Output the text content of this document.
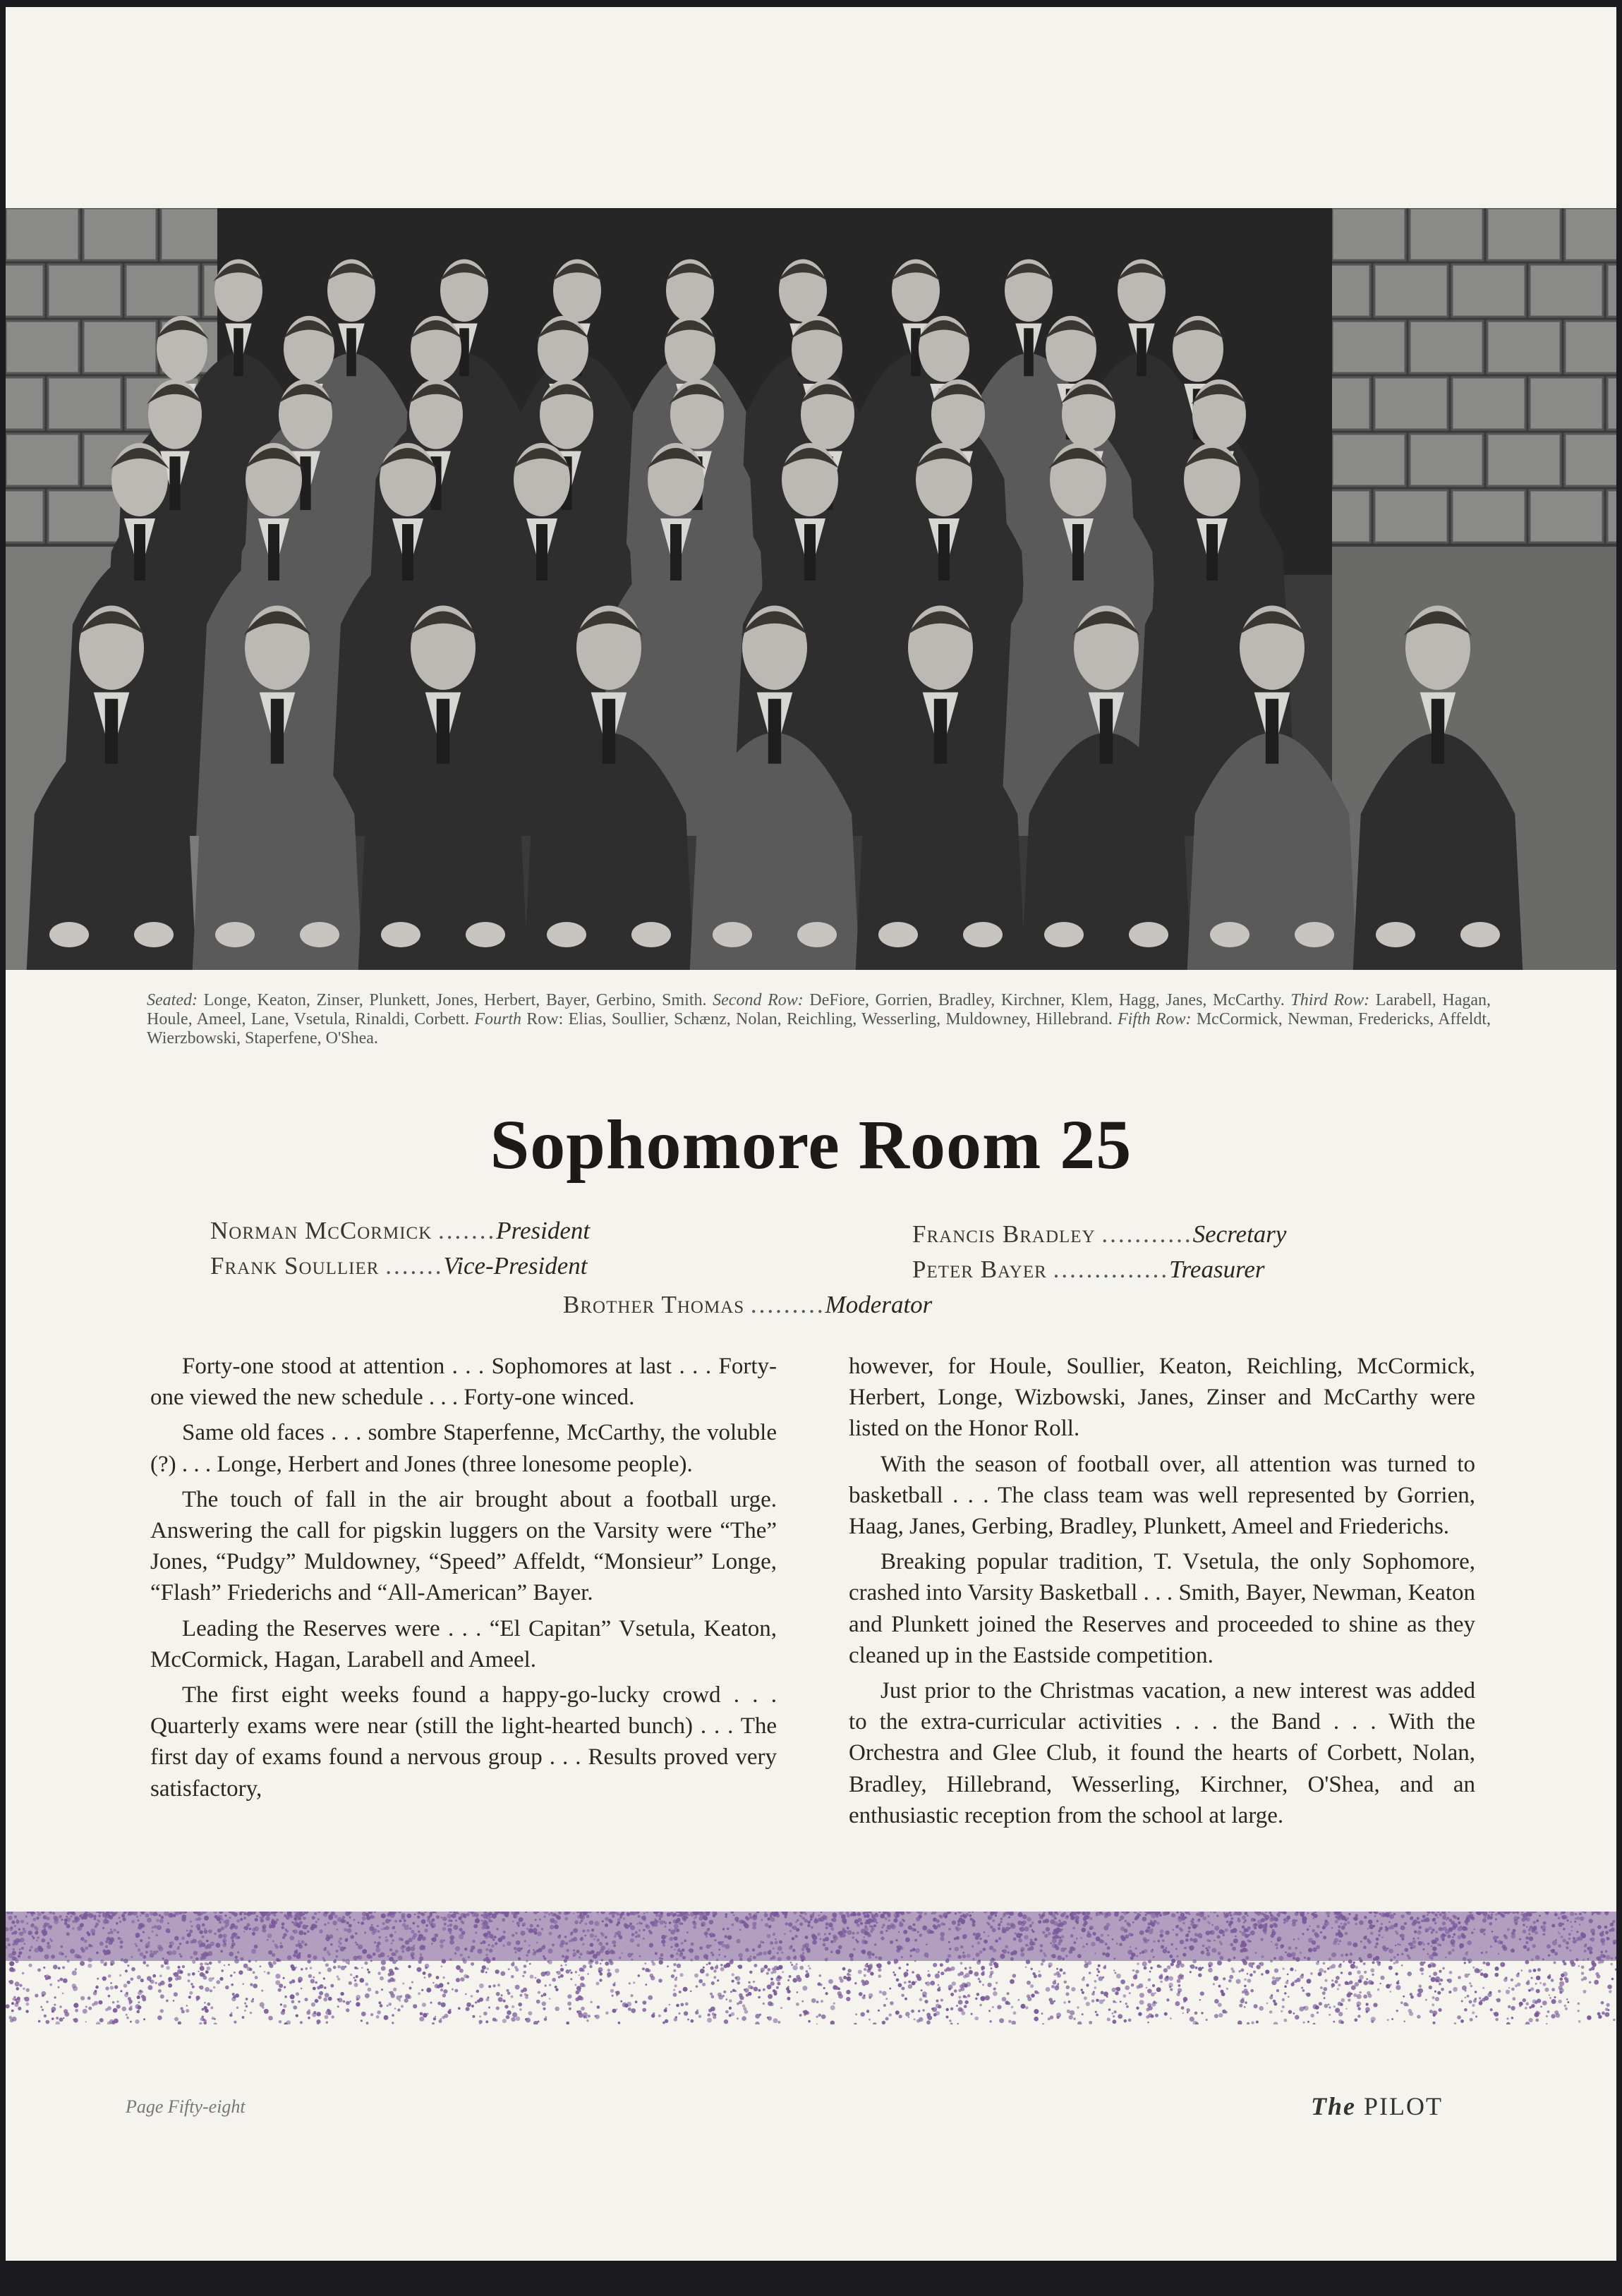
Seated: Longe, Keaton, Zinser, Plunkett, Jones, Herbert, Bayer, Gerbino, Smith. Second Row: DeFiore, Gorrien, Bradley, Kirchner, Klem, Hagg, Janes, McCarthy. Third Row: Larabell, Hagan, Houle, Ameel, Lane, Vsetula, Rinaldi, Corbett. Fourth Row: Elias, Soullier, Schænz, Nolan, Reichling, Wesserling, Muldowney, Hillebrand. Fifth Row: McCormick, Newman, Fredericks, Affeldt, Wierzbowski, Staperfene, O'Shea.
Sophomore Room 25
Norman McCormick .......President
Frank Soullier .......Vice-President
Francis Bradley ...........Secretary
Peter Bayer ..............Treasurer
Brother Thomas .........Moderator

Forty-one stood at attention . . . Sophomores at last . . . Forty-one viewed the new schedule . . . Forty-one winced.

Same old faces . . . sombre Staperfenne, McCarthy, the voluble (?) . . . Longe, Herbert and Jones (three lonesome people).

The touch of fall in the air brought about a football urge. Answering the call for pigskin luggers on the Varsity were “The” Jones, “Pudgy” Muldowney, “Speed” Affeldt, “Monsieur” Longe, “Flash” Friederichs and “All-American” Bayer.

Leading the Reserves were . . . “El Capitan” Vsetula, Keaton, McCormick, Hagan, Larabell and Ameel.

The first eight weeks found a happy-go-lucky crowd . . . Quarterly exams were near (still the light-hearted bunch) . . . The first day of exams found a nervous group . . . Results proved very satisfactory,

however, for Houle, Soullier, Keaton, Reichling, McCormick, Herbert, Longe, Wizbowski, Janes, Zinser and McCarthy were listed on the Honor Roll.

With the season of football over, all attention was turned to basketball . . . The class team was well represented by Gorrien, Haag, Janes, Gerbing, Bradley, Plunkett, Ameel and Friederichs.

Breaking popular tradition, T. Vsetula, the only Sophomore, crashed into Varsity Basketball . . . Smith, Bayer, Newman, Keaton and Plunkett joined the Reserves and proceeded to shine as they cleaned up in the Eastside competition.

Just prior to the Christmas vacation, a new interest was added to the extra-curricular activities . . . the Band . . . With the Orchestra and Glee Club, it found the hearts of Corbett, Nolan, Bradley, Hillebrand, Wesserling, Kirchner, O'Shea, and an enthusiastic reception from the school at large.

Page Fifty-eight	The PILOT
